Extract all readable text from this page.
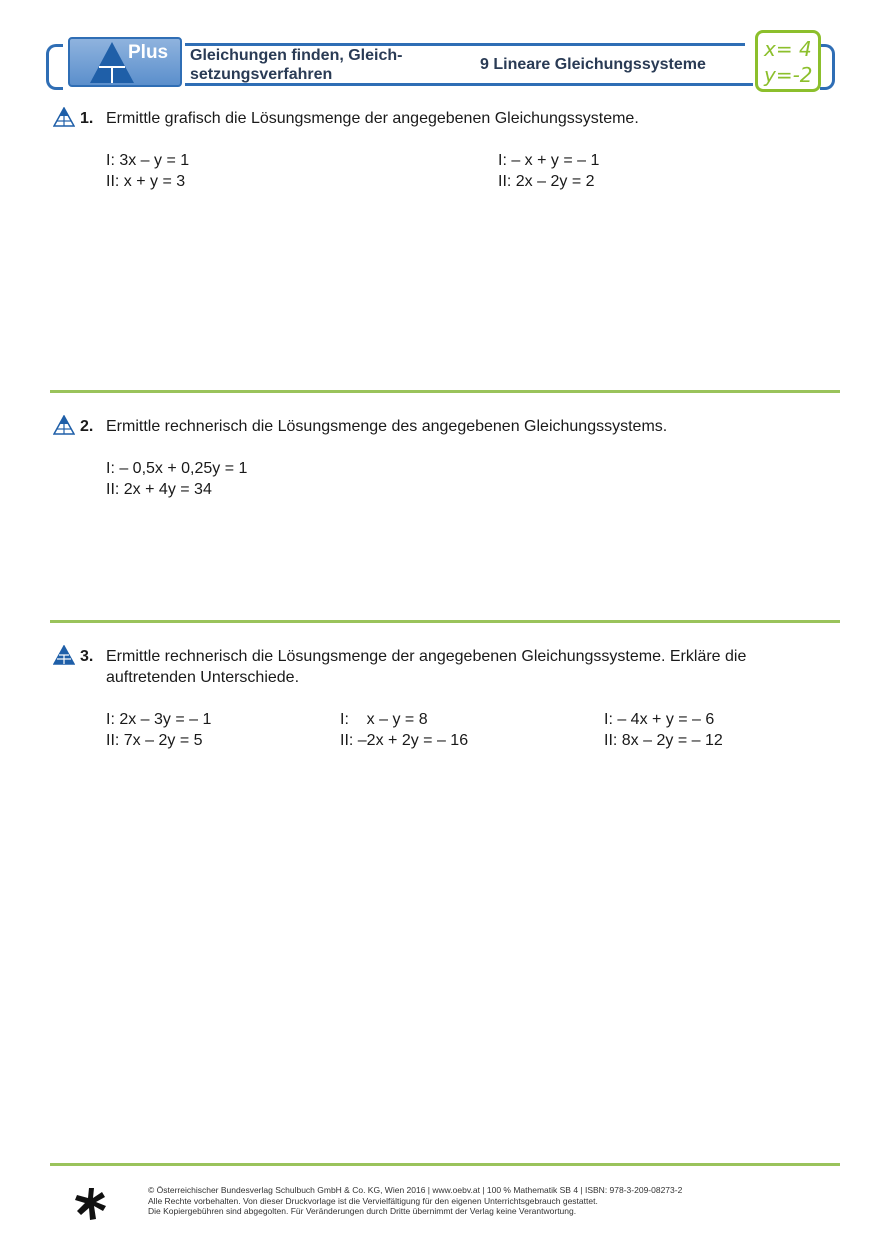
Plus Gleichungen finden, Gleich-
setzungsverfahren
9 Lineare Gleichungssysteme
x= 4
y=-2
1. Ermittle grafisch die Lösungsmenge der angegebenen Gleichungssysteme.
I: 3x – y = 1
II: x + y = 3
I: – x + y = – 1
II: 2x – 2y = 2
2. Ermittle rechnerisch die Lösungsmenge des angegebenen Gleichungssystems.
I: – 0,5x + 0,25y = 1
II: 2x + 4y = 34
3. Ermittle rechnerisch die Lösungsmenge der angegebenen Gleichungssysteme. Erkläre die
auftretenden Unterschiede.
I: 2x – 3y = – 1
II: 7x – 2y = 5
I:    x – y = 8
II: –2x + 2y = – 16
I: – 4x + y = – 6
II: 8x – 2y = – 12
© Österreichischer Bundesverlag Schulbuch GmbH & Co. KG, Wien 2016 | www.oebv.at | 100 % Mathematik SB 4 | ISBN: 978-3-209-08273-2
Alle Rechte vorbehalten. Von dieser Druckvorlage ist die Vervielfältigung für den eigenen Unterrichtsgebrauch gestattet.
Die Kopiergebühren sind abgegolten. Für Veränderungen durch Dritte übernimmt der Verlag keine Verantwortung.
